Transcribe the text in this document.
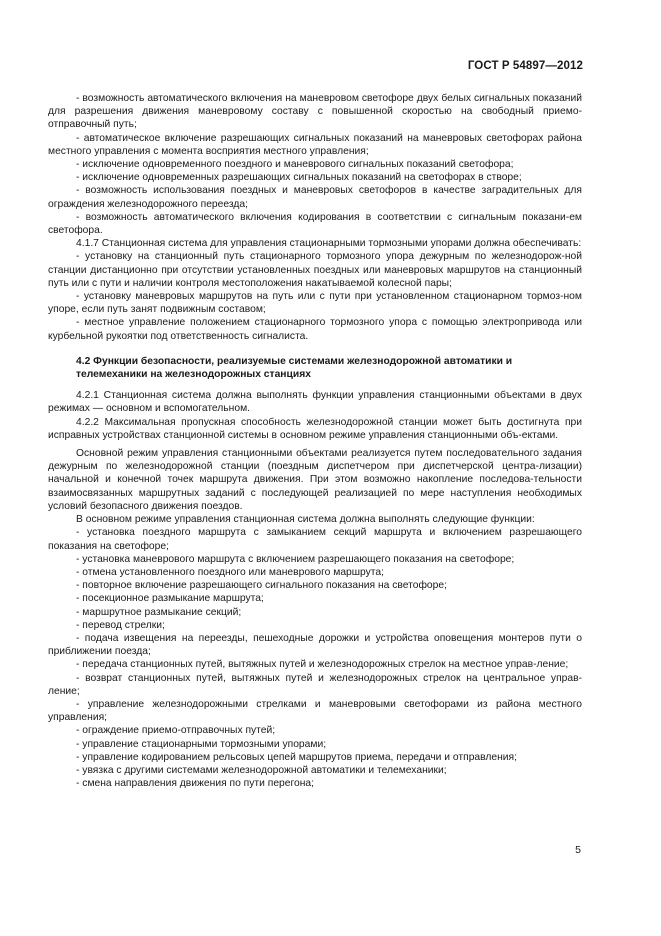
ГОСТ Р 54897—2012

- возможность автоматического включения на маневровом светофоре двух белых сигнальных показаний для разрешения движения маневровому составу с повышенной скоростью на свободный приемо-отправочный путь;

- автоматическое включение разрешающих сигнальных показаний на маневровых светофорах района местного управления с момента восприятия местного управления;

- исключение одновременного поездного и маневрового сигнальных показаний светофора;

- исключение одновременных разрешающих сигнальных показаний на светофорах в створе;

- возможность использования поездных и маневровых светофоров в качестве заградительных для ограждения железнодорожного переезда;

- возможность автоматического включения кодирования в соответствии с сигнальным показани-ем светофора.

4.1.7 Станционная система для управления стационарными тормозными упорами должна обеспечивать:

- установку на станционный путь стационарного тормозного упора дежурным по железнодорож-ной станции дистанционно при отсутствии установленных поездных или маневровых маршрутов на станционный путь или с пути и наличии контроля местоположения накатываемой колесной пары;

- установку маневровых маршрутов на путь или с пути при установленном стационарном тормоз-ном упоре, если путь занят подвижным составом;

- местное управление положением стационарного тормозного упора с помощью электропривода или курбельной рукоятки под ответственность сигналиста.

4.2 Функции безопасности, реализуемые системами железнодорожной автоматики и телемеханики на железнодорожных станциях

4.2.1 Станционная система должна выполнять функции управления станционными объектами в двух режимах — основном и вспомогательном.

4.2.2 Максимальная пропускная способность железнодорожной станции может быть достигнута при исправных устройствах станционной системы в основном режиме управления станционными объ-ектами.

Основной режим управления станционными объектами реализуется путем последовательного задания дежурным по железнодорожной станции (поездным диспетчером при диспетчерской центра-лизации) начальной и конечной точек маршрута движения. При этом возможно накопление последова-тельности взаимосвязанных маршрутных заданий с последующей реализацией по мере наступления необходимых условий безопасного движения поездов.

В основном режиме управления станционная система должна выполнять следующие функции:

- установка поездного маршрута с замыканием секций маршрута и включением разрешающего показания на светофоре;

- установка маневрового маршрута с включением разрешающего показания на светофоре;

- отмена установленного поездного или маневрового маршрута;

- повторное включение разрешающего сигнального показания на светофоре;

- посекционное размыкание маршрута;

- маршрутное размыкание секций;

- перевод стрелки;

- подача извещения на переезды, пешеходные дорожки и устройства оповещения монтеров пути о приближении поезда;

- передача станционных путей, вытяжных путей и железнодорожных стрелок на местное управ-ление;

- возврат станционных путей, вытяжных путей и железнодорожных стрелок на центральное управ-ление;

- управление железнодорожными стрелками и маневровыми светофорами из района местного управления;

- ограждение приемо-отправочных путей;

- управление стационарными тормозными упорами;

- управление кодированием рельсовых цепей маршрутов приема, передачи и отправления;

- увязка с другими системами железнодорожной автоматики и телемеханики;

- смена направления движения по пути перегона;

5
